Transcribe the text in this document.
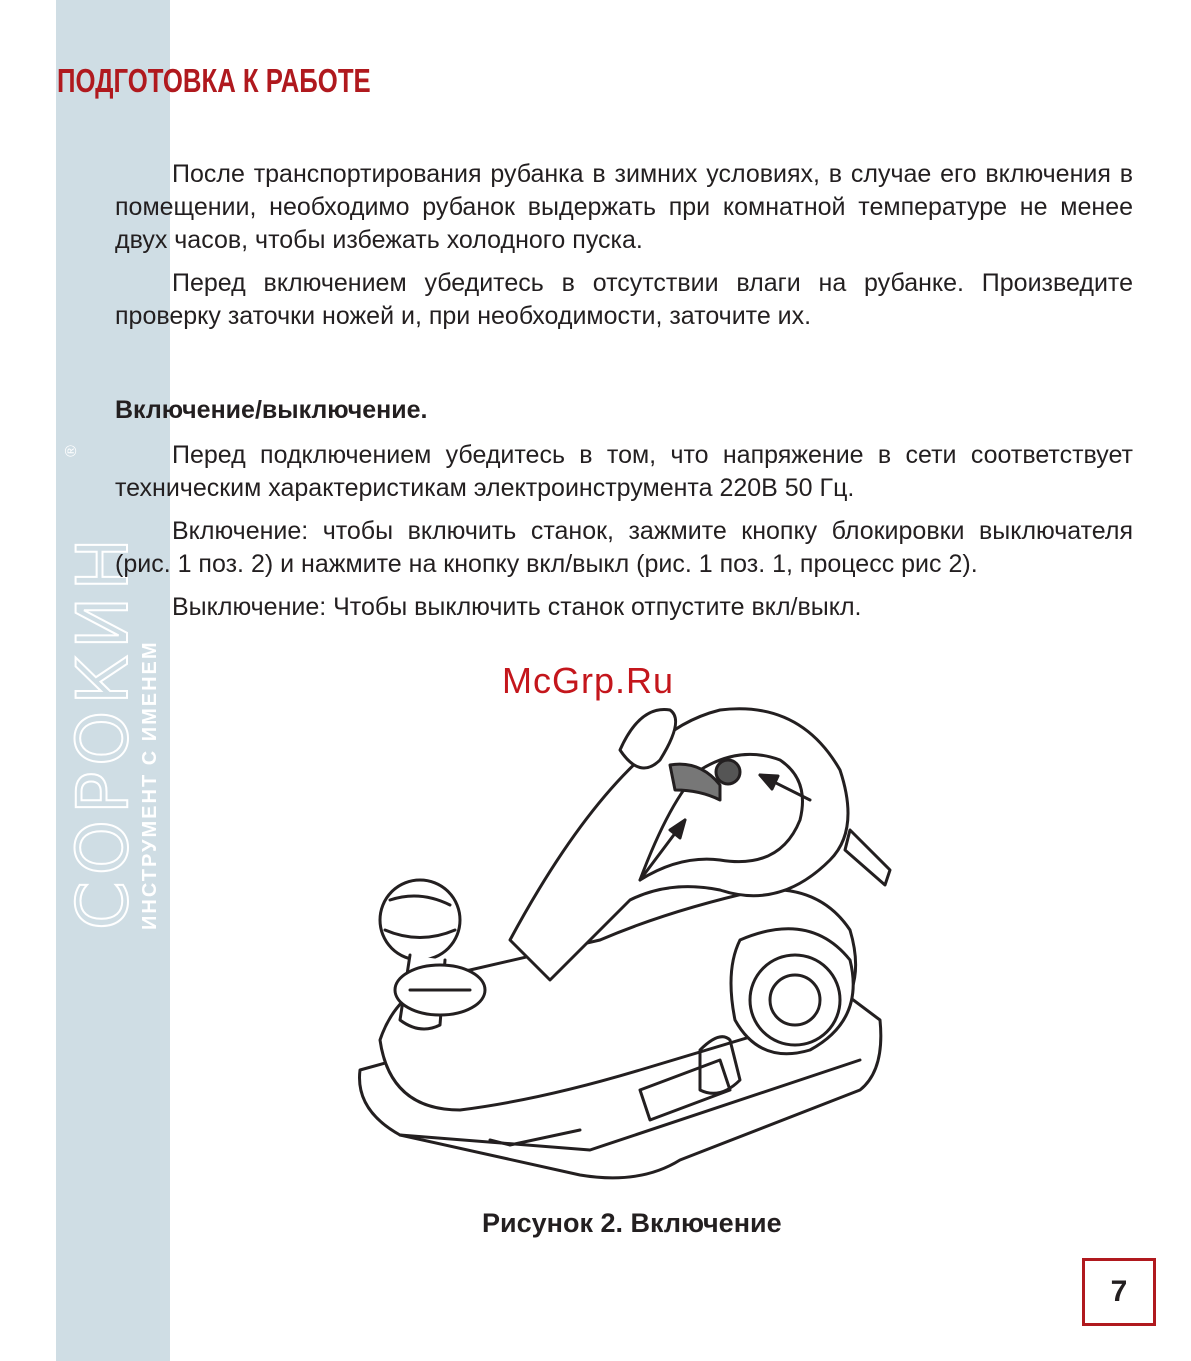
®
СОРОКИН
ИНСТРУМЕНТ С ИМЕНЕМ
ПОДГОТОВКА К РАБОТЕ

После транспортирования рубанка в зимних условиях, в случае его включения в помещении, необходимо рубанок выдержать при комнатной температуре не менее двух часов, чтобы избежать холодного пуска.

Перед включением убедитесь в отсутствии влаги на рубанке. Произведите проверку заточки ножей и, при необходимости, заточите их.

Включение/выключение.

Перед подключением убедитесь в том, что напряжение в сети соответствует техническим характеристикам электроинструмента 220В 50 Гц.

Включение: чтобы включить станок, зажмите кнопку блокировки выключателя (рис. 1 поз. 2) и нажмите на кнопку вкл/выкл (рис. 1 поз. 1, процесс рис 2).

Выключение: Чтобы выключить станок отпустите вкл/выкл.

McGrp.Ru
Рисунок 2. Включение
7
